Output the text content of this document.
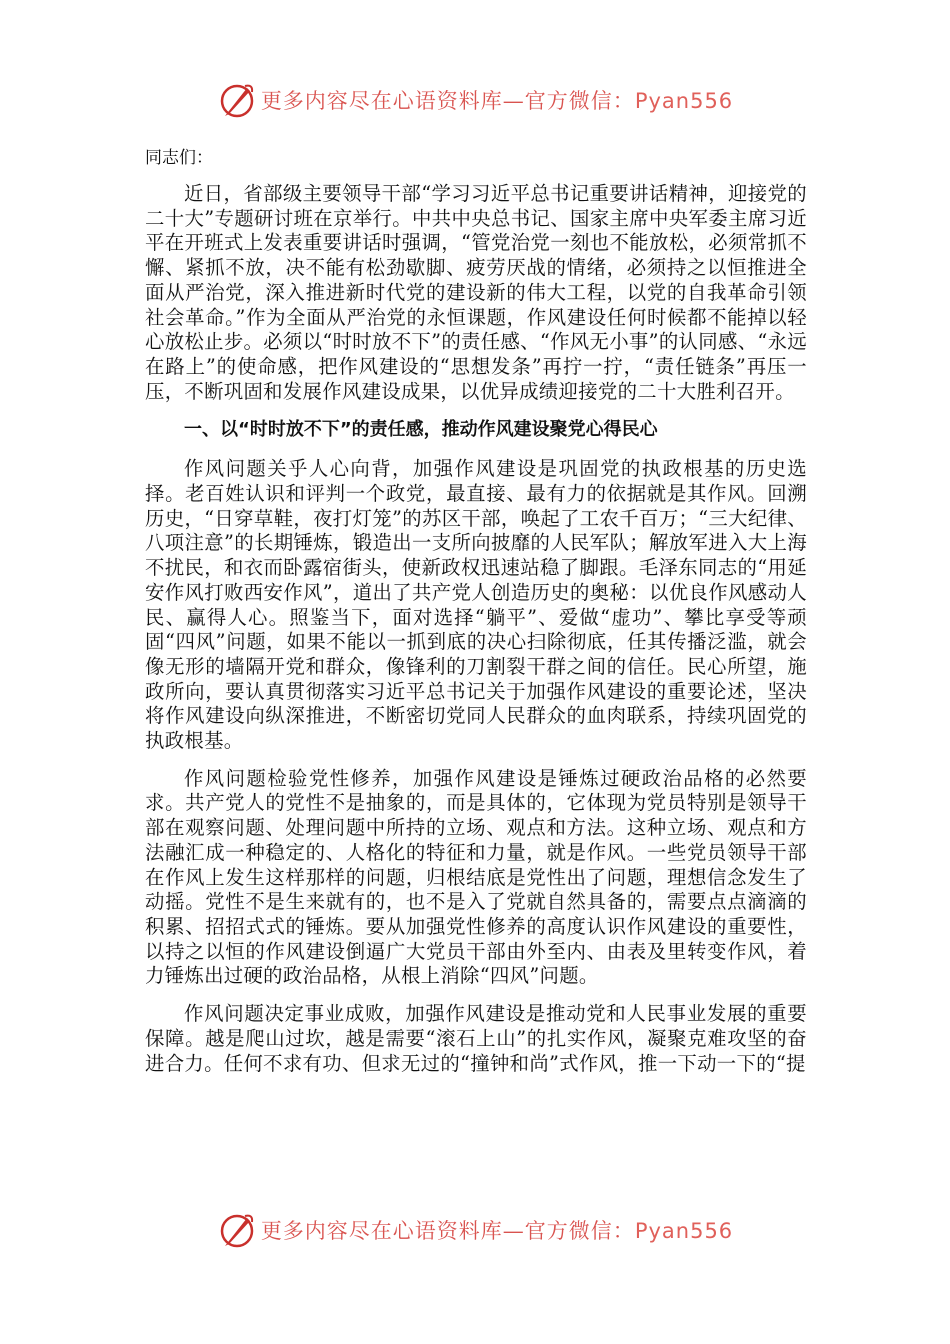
更多内容尽在心语资料库—官方微信：Pyan556

同志们：

近日，省部级主要领导干部“学习习近平总书记重要讲话精神，迎接党的二十大”专题研讨班在京举行。中共中央总书记、国家主席中央军委主席习近平在开班式上发表重要讲话时强调，“管党治党一刻也不能放松，必须常抓不懈、紧抓不放，决不能有松劲歇脚、疲劳厌战的情绪，必须持之以恒推进全面从严治党，深入推进新时代党的建设新的伟大工程，以党的自我革命引领社会革命。”作为全面从严治党的永恒课题，作风建设任何时候都不能掉以轻心放松止步。必须以“时时放不下”的责任感、“作风无小事”的认同感、“永远在路上”的使命感，把作风建设的“思想发条”再拧一拧，“责任链条”再压一压，不断巩固和发展作风建设成果，以优异成绩迎接党的二十大胜利召开。

一、以“时时放不下”的责任感，推动作风建设聚党心得民心

作风问题关乎人心向背，加强作风建设是巩固党的执政根基的历史选择。老百姓认识和评判一个政党，最直接、最有力的依据就是其作风。回溯历史，“日穿草鞋，夜打灯笼”的苏区干部，唤起了工农千百万；“三大纪律、八项注意”的长期锤炼，锻造出一支所向披靡的人民军队；解放军进入大上海不扰民，和衣而卧露宿街头，使新政权迅速站稳了脚跟。毛泽东同志的“用延安作风打败西安作风”，道出了共产党人创造历史的奥秘：以优良作风感动人民、赢得人心。照鉴当下，面对选择“躺平”、爱做“虚功”、攀比享受等顽固“四风”问题，如果不能以一抓到底的决心扫除彻底，任其传播泛滥，就会像无形的墙隔开党和群众，像锋利的刀割裂干群之间的信任。民心所望，施政所向，要认真贯彻落实习近平总书记关于加强作风建设的重要论述，坚决将作风建设向纵深推进，不断密切党同人民群众的血肉联系，持续巩固党的执政根基。

作风问题检验党性修养，加强作风建设是锤炼过硬政治品格的必然要求。共产党人的党性不是抽象的，而是具体的，它体现为党员特别是领导干部在观察问题、处理问题中所持的立场、观点和方法。这种立场、观点和方法融汇成一种稳定的、人格化的特征和力量，就是作风。一些党员领导干部在作风上发生这样那样的问题，归根结底是党性出了问题，理想信念发生了动摇。党性不是生来就有的，也不是入了党就自然具备的，需要点点滴滴的积累、招招式式的锤炼。要从加强党性修养的高度认识作风建设的重要性，以持之以恒的作风建设倒逼广大党员干部由外至内、由表及里转变作风，着力锤炼出过硬的政治品格，从根上消除“四风”问题。

作风问题决定事业成败，加强作风建设是推动党和人民事业发展的重要保障。越是爬山过坎，越是需要“滚石上山”的扎实作风，凝聚克难攻坚的奋进合力。任何不求有功、但求无过的“撞钟和尚”式作风，推一下动一下的“提

更多内容尽在心语资料库—官方微信：Pyan556
